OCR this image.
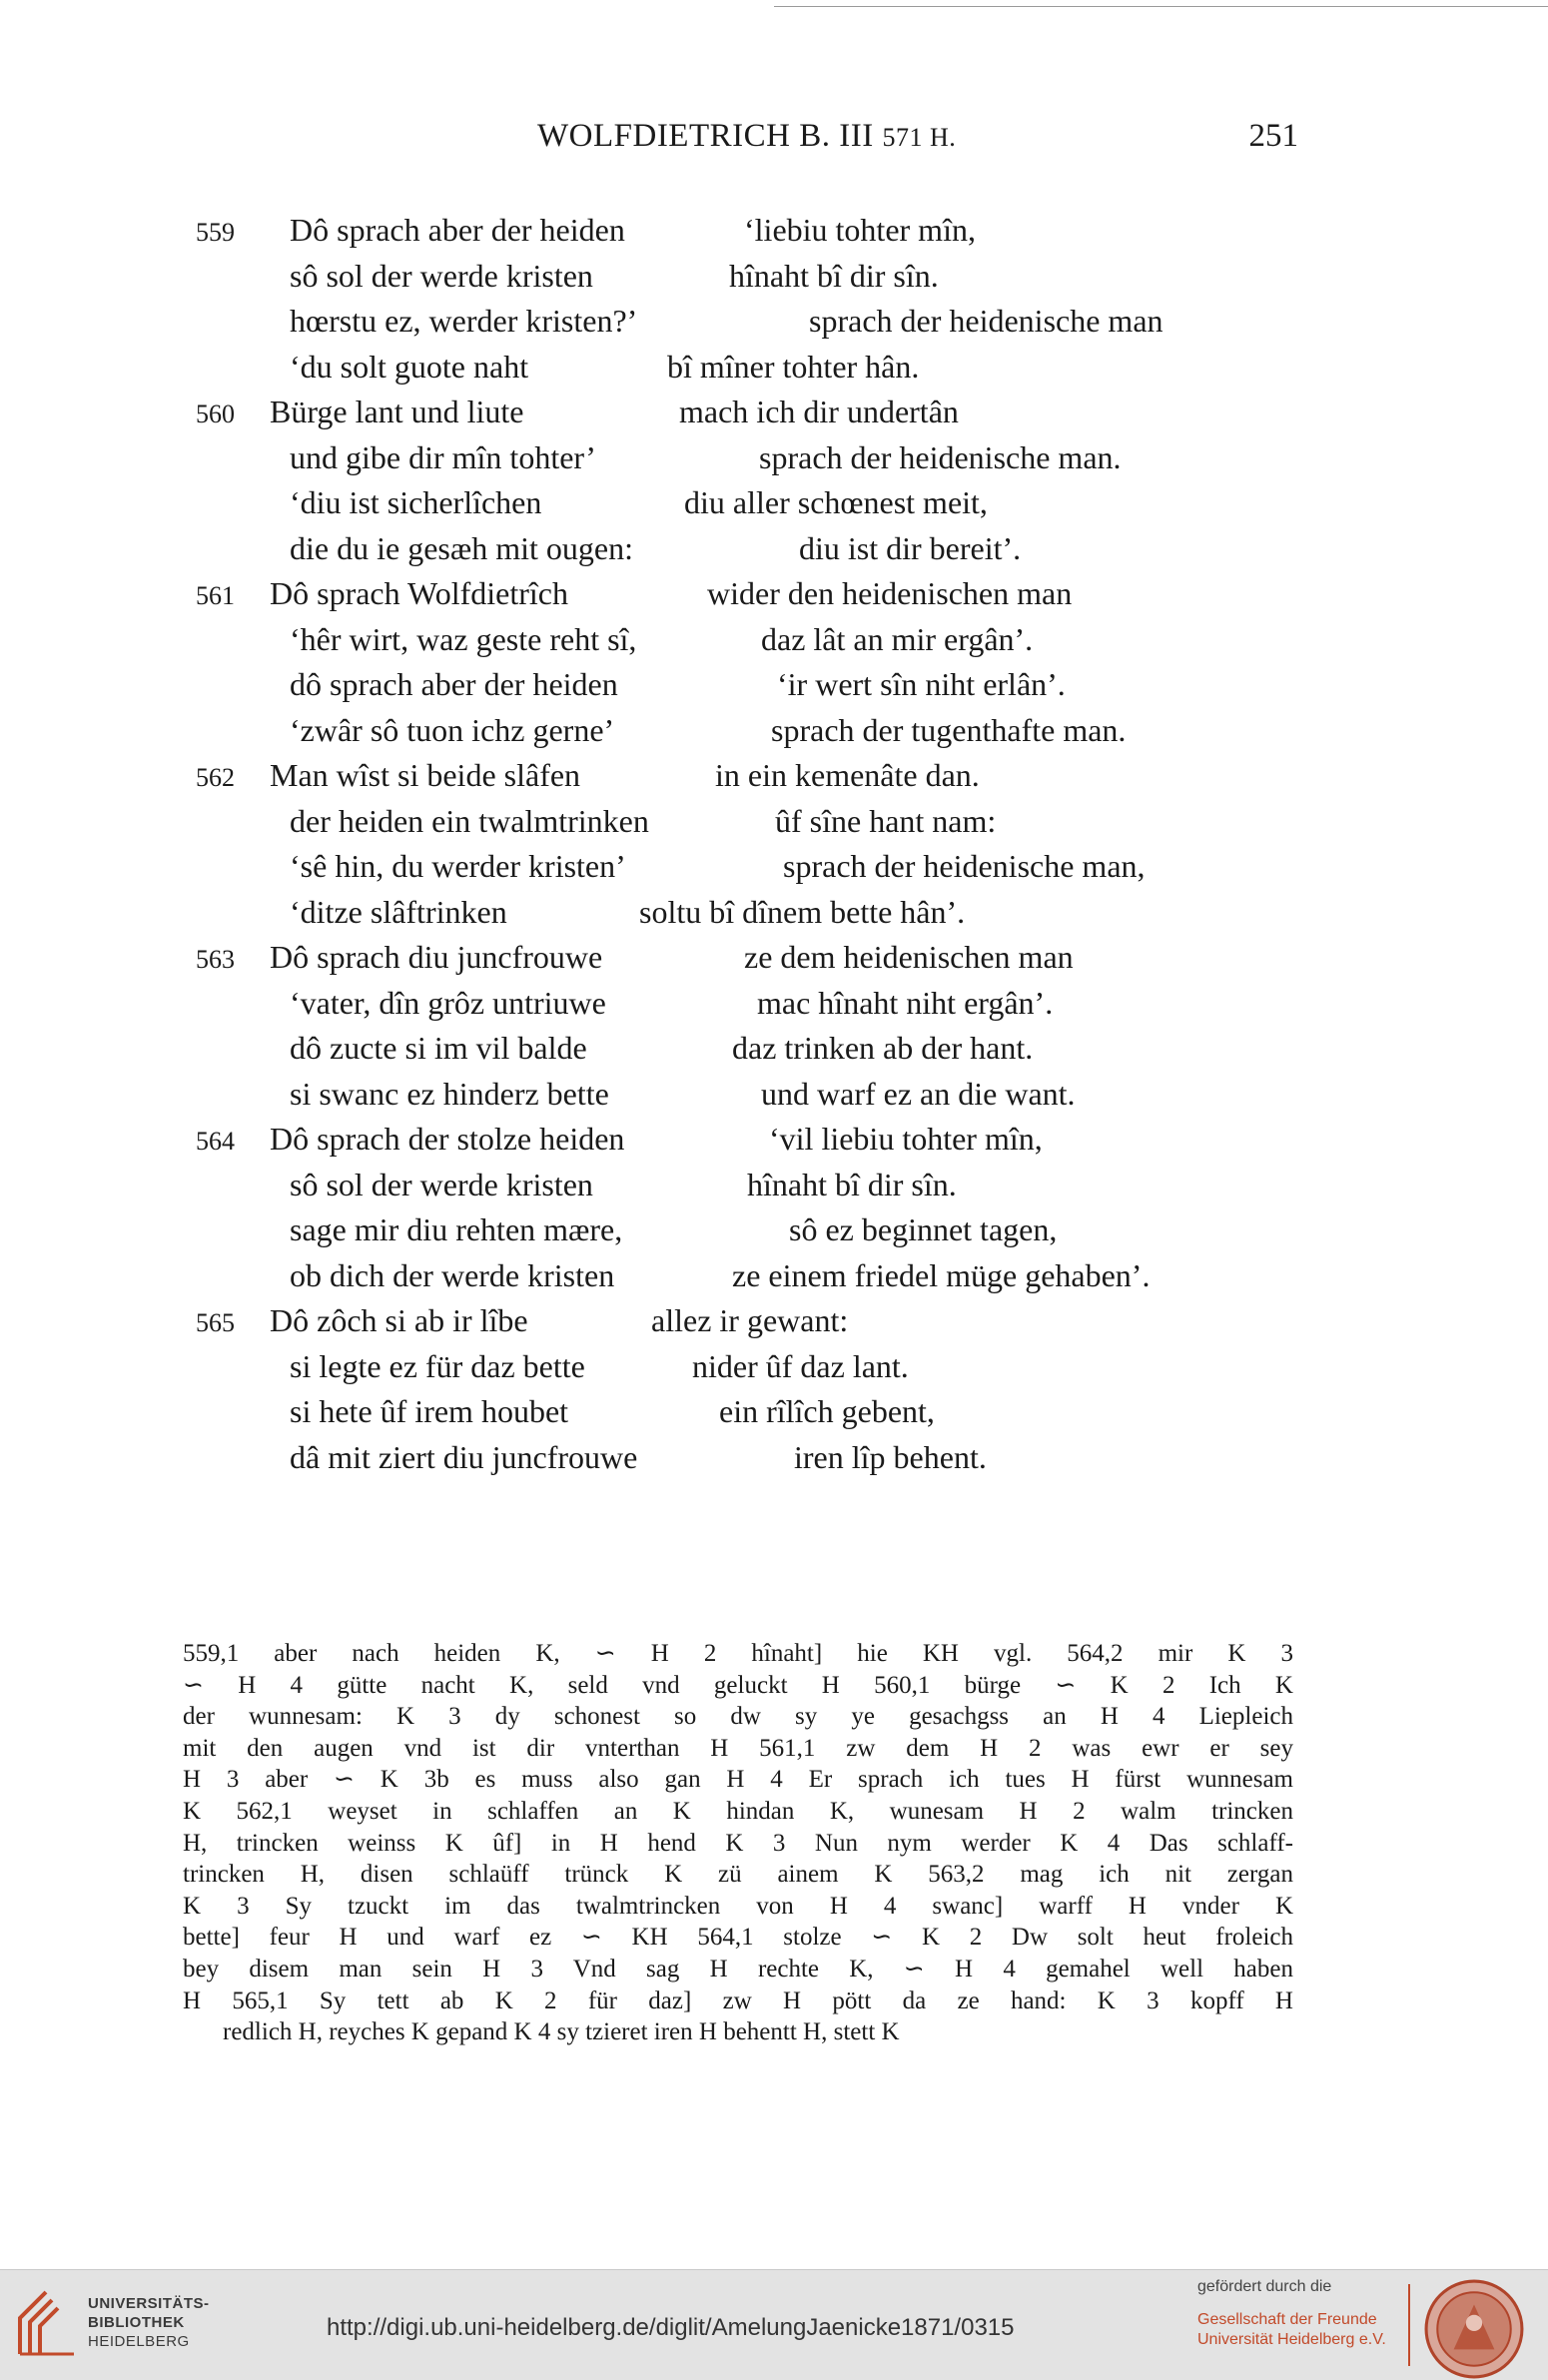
WOLFDIETRICH B. III 571 H.	251
559 Dô sprach aber der heiden	‘liebiu tohter mîn,
sô sol der werde kristen	hînaht bî dir sîn.
hœrstu ez, werder kristen?’	sprach der heidenische man
‘du solt guote naht	bî mîner tohter hân.
560 Bürge lant und liute	mach ich dir undertân
und gibe dir mîn tohter’	sprach der heidenische man.
‘diu ist sicherlîchen	diu aller schœnest meit,
die du ie gesæh mit ougen:	diu ist dir bereit’.
561 Dô sprach Wolfdietrîch	wider den heidenischen man
‘hêr wirt, waz geste reht sî,	daz lât an mir ergân’.
dô sprach aber der heiden	‘ir wert sîn niht erlân’.
‘zwâr sô tuon ichz gerne’	sprach der tugenthafte man.
562 Man wîst si beide slâfen	in ein kemenâte dan.
der heiden ein twalmtrinken	ûf sîne hant nam:
‘sê hin, du werder kristen’	sprach der heidenische man,
‘ditze slâftrinken	soltu bî dînem bette hân’.
563 Dô sprach diu juncfrouwe	ze dem heidenischen man
‘vater, dîn grôz untriuwe	mac hînaht niht ergân’.
dô zucte si im vil balde	daz trinken ab der hant.
si swanc ez hinderz bette	und warf ez an die want.
564 Dô sprach der stolze heiden	‘vil liebiu tohter mîn,
sô sol der werde kristen	hînaht bî dir sîn.
sage mir diu rehten mære,	sô ez beginnet tagen,
ob dich der werde kristen	ze einem friedel müge gehaben’.
565 Dô zôch si ab ir lîbe	allez ir gewant:
si legte ez für daz bette	nider ûf daz lant.
si hete ûf irem houbet	ein rîlîch gebent,
dâ mit ziert diu juncfrouwe	iren lîp behent.
559,1 aber nach heiden K, ∽ H 2 hînaht] hie KH vgl. 564,2 mir K 3
∽ H 4 gütte nacht K, seld vnd geluckt H 560,1 bürge ∽ K 2 Ich K
der wunnesam: K 3 dy schonest so dw sy ye gesachgss an H 4 Liepleich
mit den augen vnd ist dir vnterthan H 561,1 zw dem H 2 was ewr er sey
H 3 aber ∽ K 3b es muss also gan H 4 Er sprach ich tues H fürst wunnesam
K 562,1 weyset in schlaffen an K hindan K, wunesam H 2 walm trincken
H, trincken weinss K ûf] in H hend K 3 Nun nym werder K 4 Das schlaff-
trincken H, disen schlaüff trünck K zü ainem K 563,2 mag ich nit zergan
K 3 Sy tzuckt im das twalmtrincken von H 4 swanc] warff H vnder K
bette] feur H und warf ez ∽ KH 564,1 stolze ∽ K 2 Dw solt heut froleich
bey disem man sein H 3 Vnd sag H rechte K, ∽ H 4 gemahel well haben
H 565,1 Sy tett ab K 2 für daz] zw H pött da ze hand: K 3 kopff H
redlich H, reyches K gepand K 4 sy tzieret iren H behentt H, stett K
UNIVERSITÄTS-
BIBLIOTHEK
HEIDELBERG
http://digi.ub.uni-heidelberg.de/diglit/AmelungJaenicke1871/0315
gefördert durch die
Gesellschaft der Freunde
Universität Heidelberg e.V.
